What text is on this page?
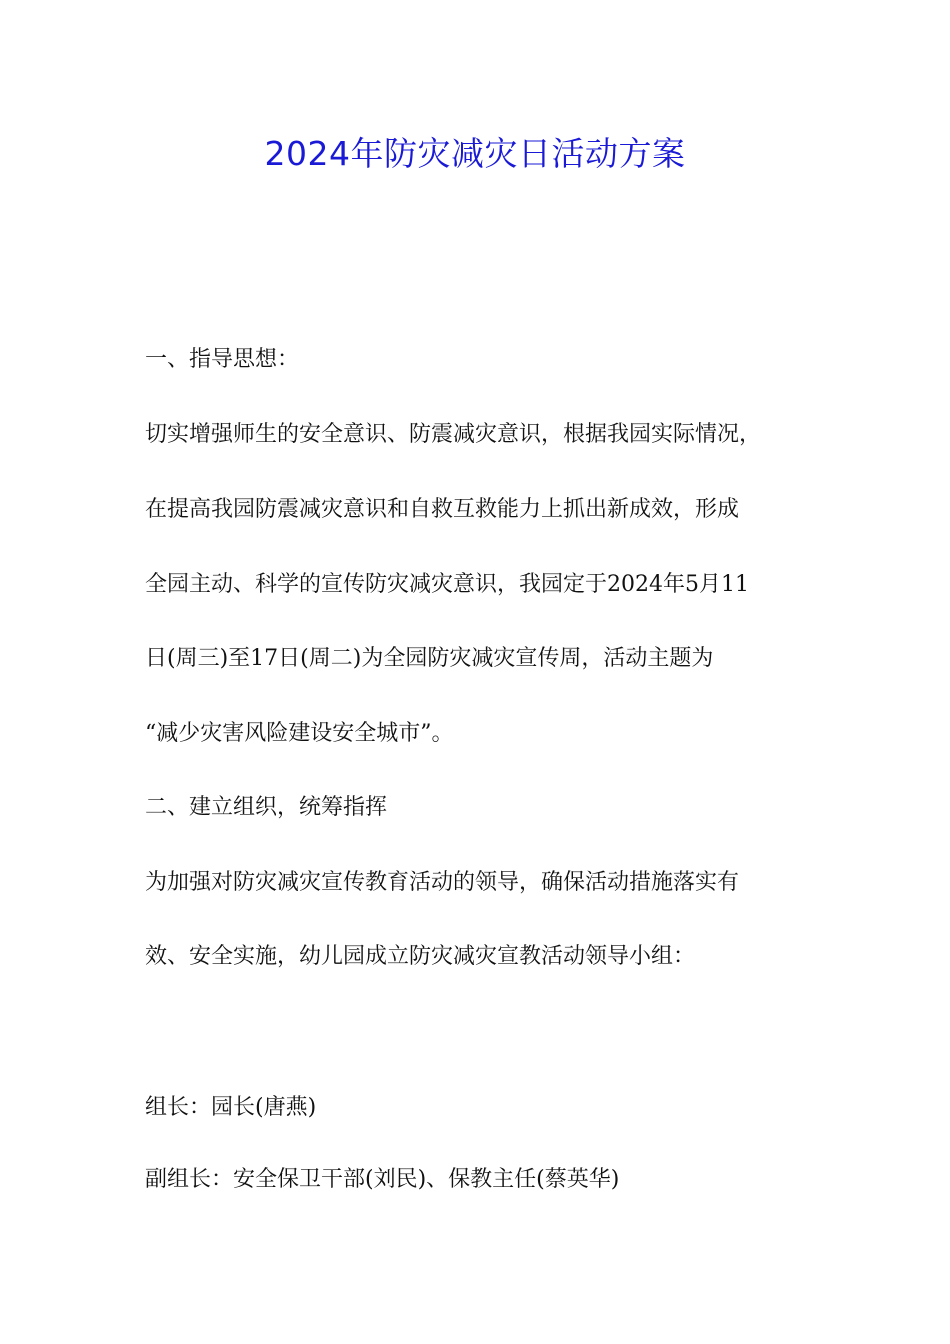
2024年防灾减灾日活动方案
一、指导思想：
切实增强师生的安全意识、防震减灾意识，根据我园实际情况，
在提高我园防震减灾意识和自救互救能力上抓出新成效，形成
全园主动、科学的宣传防灾减灾意识，我园定于2024年5月11
日(周三)至17日(周二)为全园防灾减灾宣传周，活动主题为
“减少灾害风险建设安全城市”。
二、建立组织，统筹指挥
为加强对防灾减灾宣传教育活动的领导，确保活动措施落实有
效、安全实施，幼儿园成立防灾减灾宣教活动领导小组：
组长：园长(唐燕)
副组长：安全保卫干部(刘民)、保教主任(蔡英华)
